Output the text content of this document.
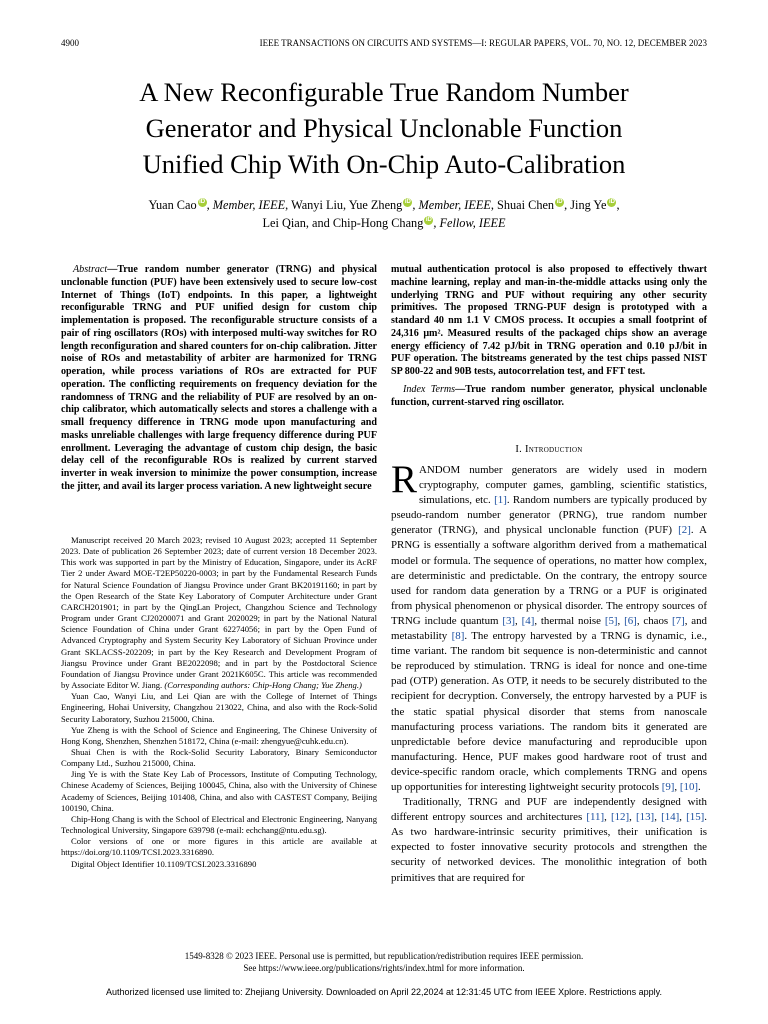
4900	IEEE TRANSACTIONS ON CIRCUITS AND SYSTEMS—I: REGULAR PAPERS, VOL. 70, NO. 12, DECEMBER 2023
A New Reconfigurable True Random Number
Generator and Physical Unclonable Function
Unified Chip With On-Chip Auto-Calibration
Yuan Cao iD , Member, IEEE, Wanyi Liu, Yue Zheng iD , Member, IEEE, Shuai Chen iD , Jing Ye iD ,
Lei Qian, and Chip-Hong Chang iD , Fellow, IEEE

Abstract—True random number generator (TRNG) and physical unclonable function (PUF) have been extensively used to secure low-cost Internet of Things (IoT) endpoints. In this paper, a lightweight reconfigurable TRNG and PUF unified design for custom chip implementation is proposed. The reconfigurable structure consists of a pair of ring oscillators (ROs) with interposed multi-way switches for RO length reconfiguration and shared counters for on-chip calibration. Jitter noise of ROs and metastability of arbiter are harmonized for TRNG operation, while process variations of ROs are extracted for PUF operation. The conflicting requirements on frequency deviation for the randomness of TRNG and the reliability of PUF are resolved by an on-chip calibrator, which automatically selects and stores a challenge with a small frequency difference in TRNG mode upon manufacturing and masks unreliable challenges with large frequency difference during PUF enrollment. Leveraging the advantage of custom chip design, the basic delay cell of the reconfigurable ROs is realized by current starved inverter in weak inversion to minimize the power consumption, increase the jitter, and avail its larger process variation. A new lightweight secure

Manuscript received 20 March 2023; revised 10 August 2023; accepted 11 September 2023. Date of publication 26 September 2023; date of current version 18 December 2023. This work was supported in part by the Ministry of Education, Singapore, under its AcRF Tier 2 under Award MOE-T2EP50220-0003; in part by the Fundamental Research Funds for Natural Science Foundation of Jiangsu Province under Grant BK20191160; in part by the Open Research of the State Key Laboratory of Computer Architecture under Grant CARCH201901; in part by the QingLan Project, Changzhou Science and Technology Program under Grant CJ20200071 and Grant 2020029; in part by the National Natural Science Foundation of China under Grant 62274056; in part by the Open Fund of Advanced Cryptography and System Security Key Laboratory of Sichuan Province under Grant SKLACSS-202209; in part by the Key Research and Development Program of Jiangsu Province under Grant BE2022098; and in part by the Postdoctoral Science Foundation of Jiangsu Province under Grant 2021K605C. This article was recommended by Associate Editor W. Jiang. (Corresponding authors: Chip-Hong Chang; Yue Zheng.)

Yuan Cao, Wanyi Liu, and Lei Qian are with the College of Internet of Things Engineering, Hohai University, Changzhou 213022, China, and also with the Rock-Solid Security Laboratory, Suzhou 215000, China.

Yue Zheng is with the School of Science and Engineering, The Chinese University of Hong Kong, Shenzhen, Shenzhen 518172, China (e-mail: zhengyue@cuhk.edu.cn).

Shuai Chen is with the Rock-Solid Security Laboratory, Binary Semiconductor Company Ltd., Suzhou 215000, China.

Jing Ye is with the State Key Lab of Processors, Institute of Computing Technology, Chinese Academy of Sciences, Beijing 100045, China, also with the University of Chinese Academy of Sciences, Beijing 101408, China, and also with CASTEST Company, Beijing 100190, China.

Chip-Hong Chang is with the School of Electrical and Electronic Engineering, Nanyang Technological University, Singapore 639798 (e-mail: echchang@ntu.edu.sg).

Color versions of one or more figures in this article are available at https://doi.org/10.1109/TCSI.2023.3316890.

Digital Object Identifier 10.1109/TCSI.2023.3316890

mutual authentication protocol is also proposed to effectively thwart machine learning, replay and man-in-the-middle attacks using only the underlying TRNG and PUF without requiring any other security primitives. The proposed TRNG-PUF design is prototyped with a standard 40 nm 1.1 V CMOS process. It occupies a small footprint of 24,316 μm². Measured results of the packaged chips show an average energy efficiency of 7.42 pJ/bit in TRNG operation and 0.10 pJ/bit in PUF operation. The bitstreams generated by the test chips passed NIST SP 800-22 and 90B tests, autocorrelation test, and FFT test.

Index Terms—True random number generator, physical unclonable function, current-starved ring oscillator.

I. Introduction

RANDOM number generators are widely used in modern cryptography, computer games, gambling, scientific statistics, simulations, etc. [1]. Random numbers are typically produced by pseudo-random number generator (PRNG), true random number generator (TRNG), and physical unclonable function (PUF) [2]. A PRNG is essentially a software algorithm derived from a mathematical model or formula. The sequence of operations, no matter how complex, are deterministic and predictable. On the contrary, the entropy source used for random data generation by a TRNG or a PUF is originated from physical phenomenon or physical disorder. The entropy sources of TRNG include quantum [3], [4], thermal noise [5], [6], chaos [7], and metastability [8]. The entropy harvested by a TRNG is dynamic, i.e., time variant. The random bit sequence is non-deterministic and cannot be reproduced by stimulation. TRNG is ideal for nonce and one-time pad (OTP) generation. As OTP, it needs to be securely distributed to the recipient for decryption. Conversely, the entropy harvested by a PUF is the static spatial physical disorder that stems from nanoscale manufacturing process variations. The random bits it generated are unpredictable before device manufacturing and reproducible upon manufacturing. Hence, PUF makes good hardware root of trust and device-specific random oracle, which complements TRNG and opens up opportunities for interesting lightweight security protocols [9], [10].

Traditionally, TRNG and PUF are independently designed with different entropy sources and architectures [11], [12], [13], [14], [15]. As two hardware-intrinsic security primitives, their unification is expected to foster innovative security protocols and strengthen the security of networked devices. The monolithic integration of both primitives that are required for

1549-8328 © 2023 IEEE. Personal use is permitted, but republication/redistribution requires IEEE permission.
See https://www.ieee.org/publications/rights/index.html for more information.
Authorized licensed use limited to: Zhejiang University. Downloaded on April 22,2024 at 12:31:45 UTC from IEEE Xplore. Restrictions apply.
